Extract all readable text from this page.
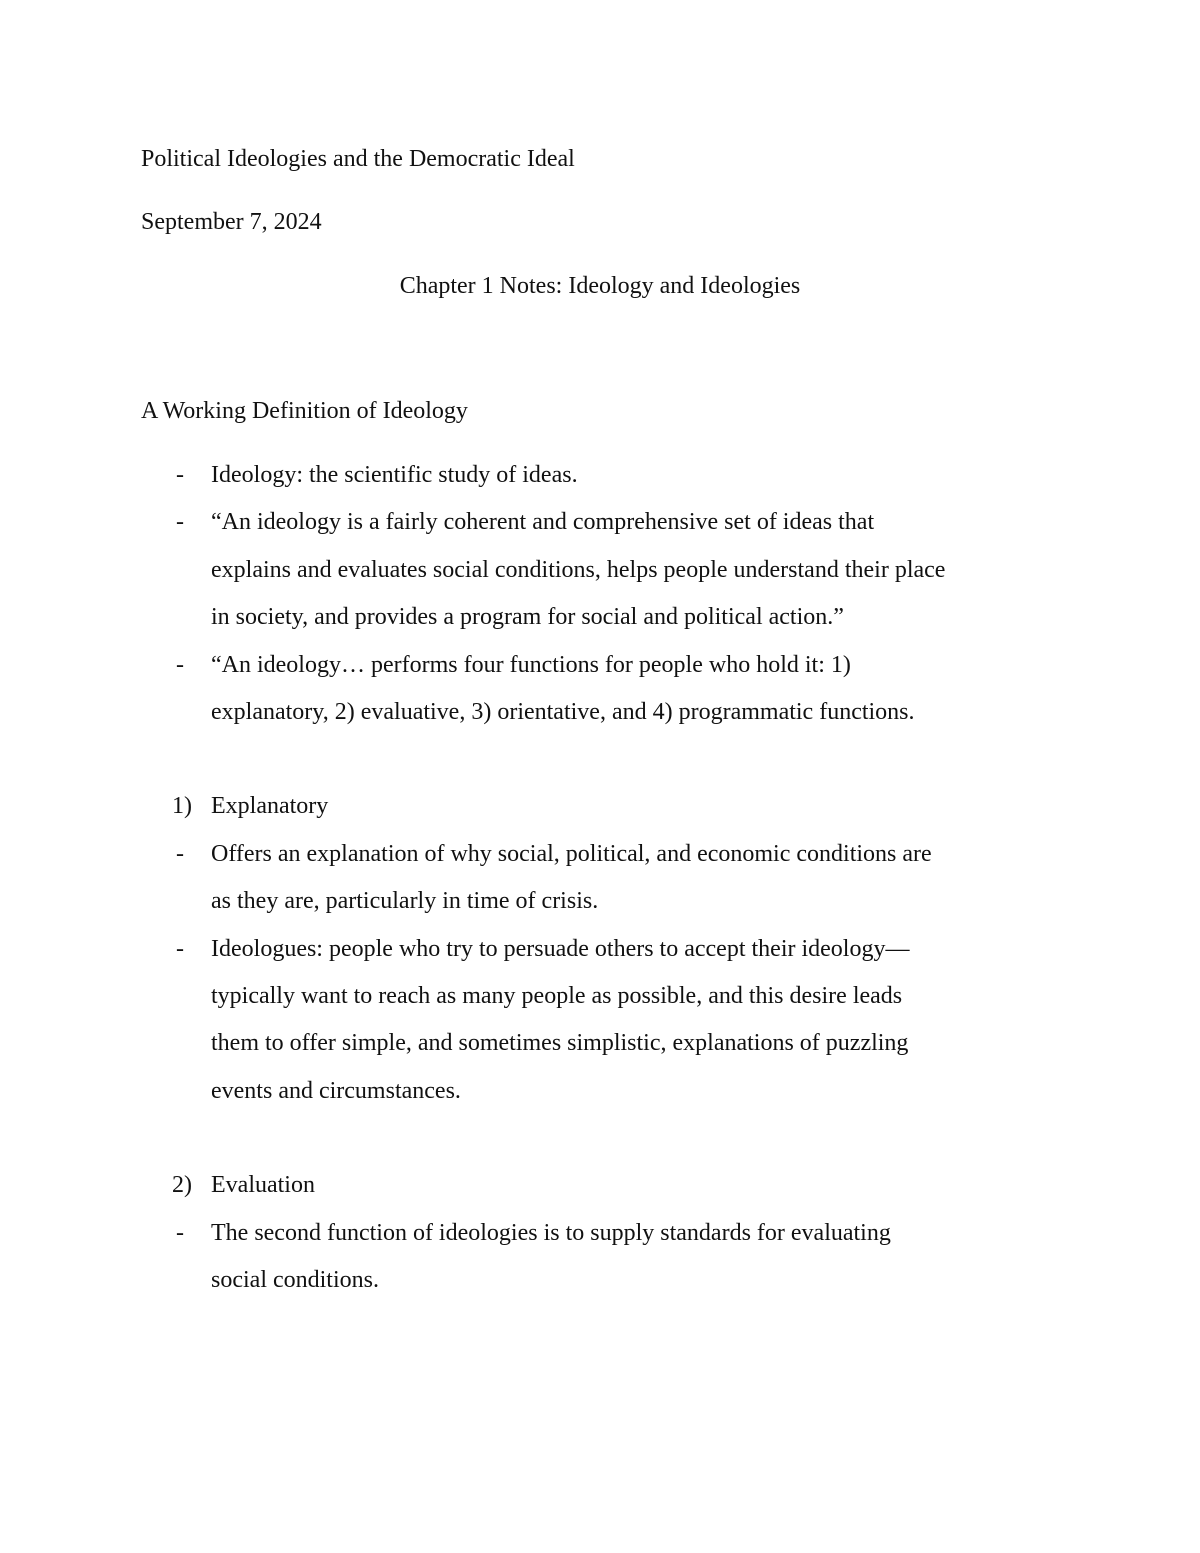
Political Ideologies and the Democratic Ideal
September 7, 2024
Chapter 1 Notes: Ideology and Ideologies
A Working Definition of Ideology
- Ideology: the scientific study of ideas.
- “An ideology is a fairly coherent and comprehensive set of ideas that
explains and evaluates social conditions, helps people understand their place
in society, and provides a program for social and political action.”
- “An ideology… performs four functions for people who hold it: 1)
explanatory, 2) evaluative, 3) orientative, and 4) programmatic functions.
1) Explanatory
- Offers an explanation of why social, political, and economic conditions are
as they are, particularly in time of crisis.
- Ideologues: people who try to persuade others to accept their ideology—
typically want to reach as many people as possible, and this desire leads
them to offer simple, and sometimes simplistic, explanations of puzzling
events and circumstances.
2) Evaluation
- The second function of ideologies is to supply standards for evaluating
social conditions.
